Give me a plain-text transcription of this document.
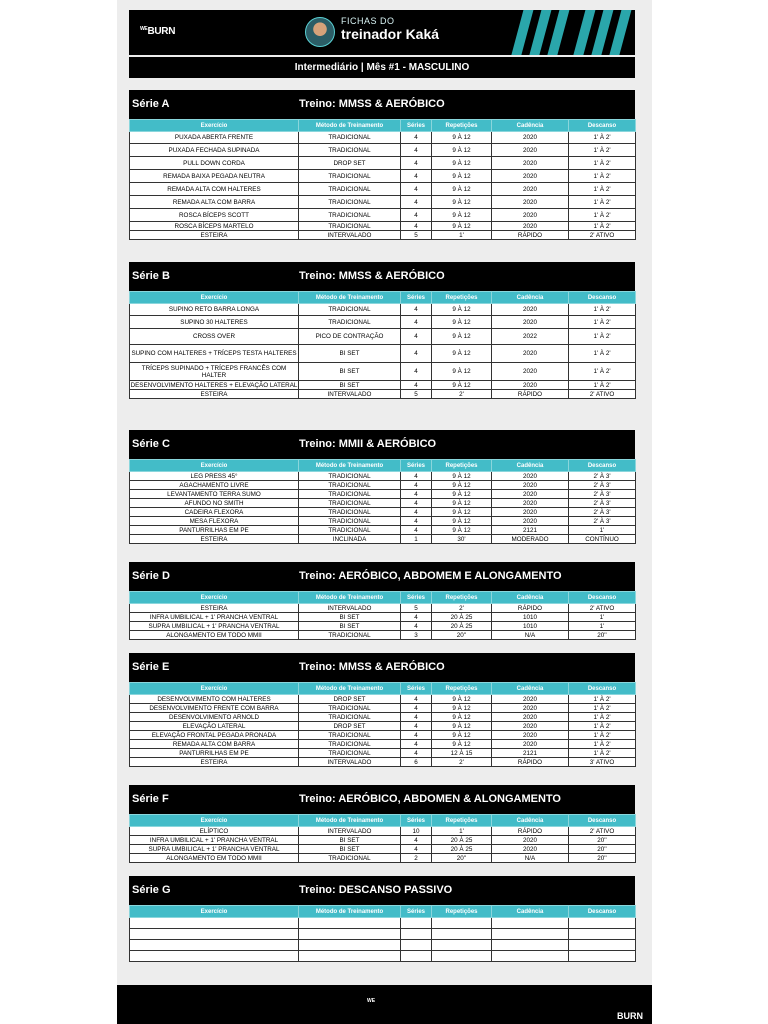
$^{WE}$BURN
FICHAS DO
treinador Kaká
Intermediário | Mês #1 - MASCULINO
Série A	Treino: MMSS & AERÓBICO
Exercício	Método de Treinamento	Séries	Repetições	Cadência	Descanso
PUXADA ABERTA FRENTE	TRADICIONAL	4	9 À 12	2020	1' À 2'
PUXADA FECHADA SUPINADA	TRADICIONAL	4	9 À 12	2020	1' À 2'
PULL DOWN CORDA	DROP SET	4	9 À 12	2020	1' À 2'
REMADA BAIXA PEGADA NEUTRA	TRADICIONAL	4	9 À 12	2020	1' À 2'
REMADA ALTA COM HALTERES	TRADICIONAL	4	9 À 12	2020	1' À 2'
REMADA ALTA COM BARRA	TRADICIONAL	4	9 À 12	2020	1' À 2'
ROSCA BÍCEPS SCOTT	TRADICIONAL	4	9 À 12	2020	1' À 2'
ROSCA BÍCEPS MARTELO	TRADICIONAL	4	9 À 12	2020	1' À 2'
ESTEIRA	INTERVALADO	5	1'	RÁPIDO	2' ATIVO
Série B	Treino: MMSS & AERÓBICO
Exercício	Método de Treinamento	Séries	Repetições	Cadência	Descanso
SUPINO RETO BARRA LONGA	TRADICIONAL	4	9 À 12	2020	1' À 2'
SUPINO 30 HALTERES	TRADICIONAL	4	9 À 12	2020	1' À 2'
CROSS OVER	PICO DE CONTRAÇÃO	4	9 À 12	2022	1' À 2'
SUPINO COM HALTERES + TRÍCEPS TESTA HALTERES	BI SET	4	9 À 12	2020	1' À 2'
TRÍCEPS SUPINADO + TRÍCEPS FRANCÊS COM HALTER	BI SET	4	9 À 12	2020	1' À 2'
DESENVOLVIMENTO HALTERES + ELEVAÇÃO LATERAL	BI SET	4	9 À 12	2020	1' À 2'
ESTEIRA	INTERVALADO	5	2'	RÁPIDO	2' ATIVO
Série C	Treino: MMII & AERÓBICO
Exercício	Método de Treinamento	Séries	Repetições	Cadência	Descanso
LEG PRESS 45°	TRADICIONAL	4	9 À 12	2020	2' À 3'
AGACHAMENTO LIVRE	TRADICIONAL	4	9 À 12	2020	2' À 3'
LEVANTAMENTO TERRA SUMO	TRADICIONAL	4	9 À 12	2020	2' À 3'
AFUNDO NO SMITH	TRADICIONAL	4	9 À 12	2020	2' À 3'
CADEIRA FLEXORA	TRADICIONAL	4	9 À 12	2020	2' À 3'
MESA FLEXORA	TRADICIONAL	4	9 À 12	2020	2' À 3'
PANTURRILHAS EM PE	TRADICIONAL	4	9 À 12	2121	1'
ESTEIRA	INCLINADA	1	30'	MODERADO	CONTÍNUO
Série D	Treino: AERÓBICO, ABDOMEM E ALONGAMENTO
Exercício	Método de Treinamento	Séries	Repetições	Cadência	Descanso
ESTEIRA	INTERVALADO	5	2'	RÁPIDO	2' ATIVO
INFRA UMBILICAL + 1' PRANCHA VENTRAL	BI SET	4	20 À 25	1010	1'
SUPRA UMBILICAL + 1' PRANCHA VENTRAL	BI SET	4	20 À 25	1010	1'
ALONGAMENTO EM TODO MMII	TRADICIONAL	3	20''	N/A	20''
Série E	Treino: MMSS & AERÓBICO
Exercício	Método de Treinamento	Séries	Repetições	Cadência	Descanso
DESENVOLVIMENTO COM HALTERES	DROP SET	4	9 À 12	2020	1' À 2'
DESENVOLVIMENTO FRENTE COM BARRA	TRADICIONAL	4	9 À 12	2020	1' À 2'
DESENVOLVIMENTO ARNOLD	TRADICIONAL	4	9 À 12	2020	1' À 2'
ELEVAÇÃO LATERAL	DROP SET	4	9 À 12	2020	1' À 2'
ELEVAÇÃO FRONTAL PEGADA PRONADA	TRADICIONAL	4	9 À 12	2020	1' À 2'
REMADA ALTA COM BARRA	TRADICIONAL	4	9 À 12	2020	1' À 2'
PANTURRILHAS EM PE	TRADICIONAL	4	12 À 15	2121	1' À 2'
ESTEIRA	INTERVALADO	6	2'	RÁPIDO	3' ATIVO
Série F	Treino: AERÓBICO, ABDOMEN & ALONGAMENTO
Exercício	Método de Treinamento	Séries	Repetições	Cadência	Descanso
ELÍPTICO	INTERVALADO	10	1'	RÁPIDO	2' ATIVO
INFRA UMBILICAL + 1' PRANCHA VENTRAL	BI SET	4	20 À 25	2020	20''
SUPRA UMBILICAL + 1' PRANCHA VENTRAL	BI SET	4	20 À 25	2020	20''
ALONGAMENTO EM TODO MMII	TRADICIONAL	2	20''	N/A	20''
Série G	Treino: DESCANSO PASSIVO
Exercício	Método de Treinamento	Séries	Repetições	Cadência	Descanso

$^{WE}$
BURN
